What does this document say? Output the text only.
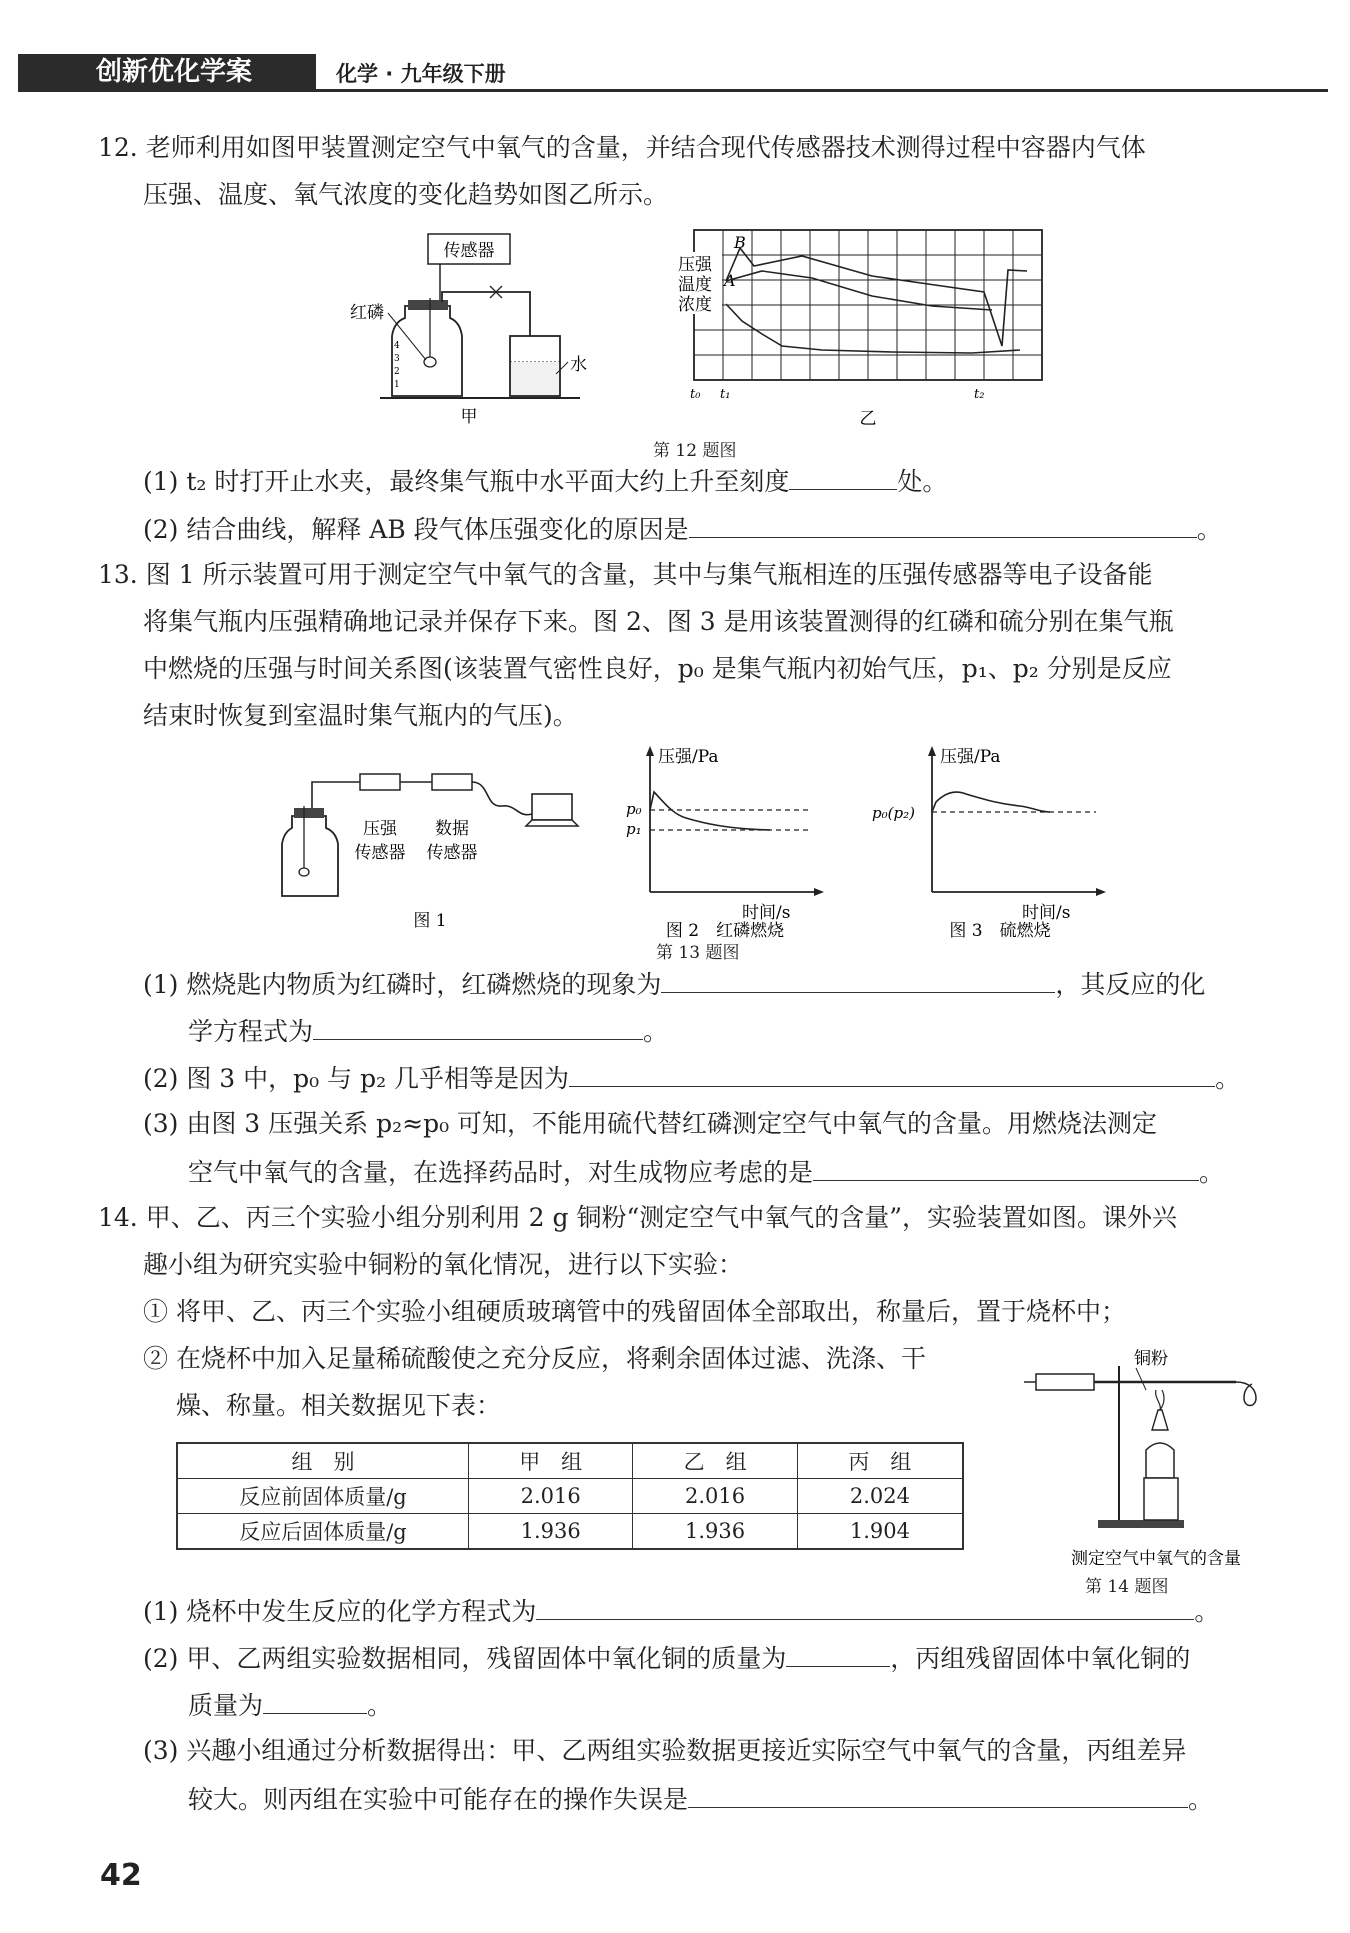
创新优化学案	化学 · 九年级下册
12. 老师利用如图甲装置测定空气中氧气的含量，并结合现代传感器技术测得过程中容器内气体
压强、温度、氧气浓度的变化趋势如图乙所示。
传感器
红磷
4
3
2
1
水
甲
压强
温度
浓度
B
A
t₀ t₁	t₂
乙
第 12 题图
(1) t₂ 时打开止水夹，最终集气瓶中水平面大约上升至刻度	处。
(2) 结合曲线，解释 AB 段气体压强变化的原因是	。
13. 图 1 所示装置可用于测定空气中氧气的含量，其中与集气瓶相连的压强传感器等电子设备能
将集气瓶内压强精确地记录并保存下来。图 2、图 3 是用该装置测得的红磷和硫分别在集气瓶
中燃烧的压强与时间关系图(该装置气密性良好，p₀ 是集气瓶内初始气压，p₁、p₂ 分别是反应
结束时恢复到室温时集气瓶内的气压)。
压强
传感器
数据
传感器
图 1
压强/Pa
时间/s
p₀
p₁
图 2　红磷燃烧
压强/Pa
时间/s
p₀(p₂)
图 3　硫燃烧
第 13 题图
(1) 燃烧匙内物质为红磷时，红磷燃烧的现象为	，其反应的化
学方程式为	。
(2) 图 3 中，p₀ 与 p₂ 几乎相等是因为	。
(3) 由图 3 压强关系 p₂≈p₀ 可知，不能用硫代替红磷测定空气中氧气的含量。用燃烧法测定
空气中氧气的含量，在选择药品时，对生成物应考虑的是	。
14. 甲、乙、丙三个实验小组分别利用 2 g 铜粉“测定空气中氧气的含量”，实验装置如图。课外兴
趣小组为研究实验中铜粉的氧化情况，进行以下实验：
① 将甲、乙、丙三个实验小组硬质玻璃管中的残留固体全部取出，称量后，置于烧杯中；
② 在烧杯中加入足量稀硫酸使之充分反应，将剩余固体过滤、洗涤、干
燥、称量。相关数据见下表：
组　别	甲　组	乙　组	丙　组
反应前固体质量/g	2.016	2.016	2.024
反应后固体质量/g	1.936	1.936	1.904
铜粉
测定空气中氧气的含量
第 14 题图
(1) 烧杯中发生反应的化学方程式为	。
(2) 甲、乙两组实验数据相同，残留固体中氧化铜的质量为	，丙组残留固体中氧化铜的
质量为	。
(3) 兴趣小组通过分析数据得出：甲、乙两组实验数据更接近实际空气中氧气的含量，丙组差异
较大。则丙组在实验中可能存在的操作失误是	。
42
